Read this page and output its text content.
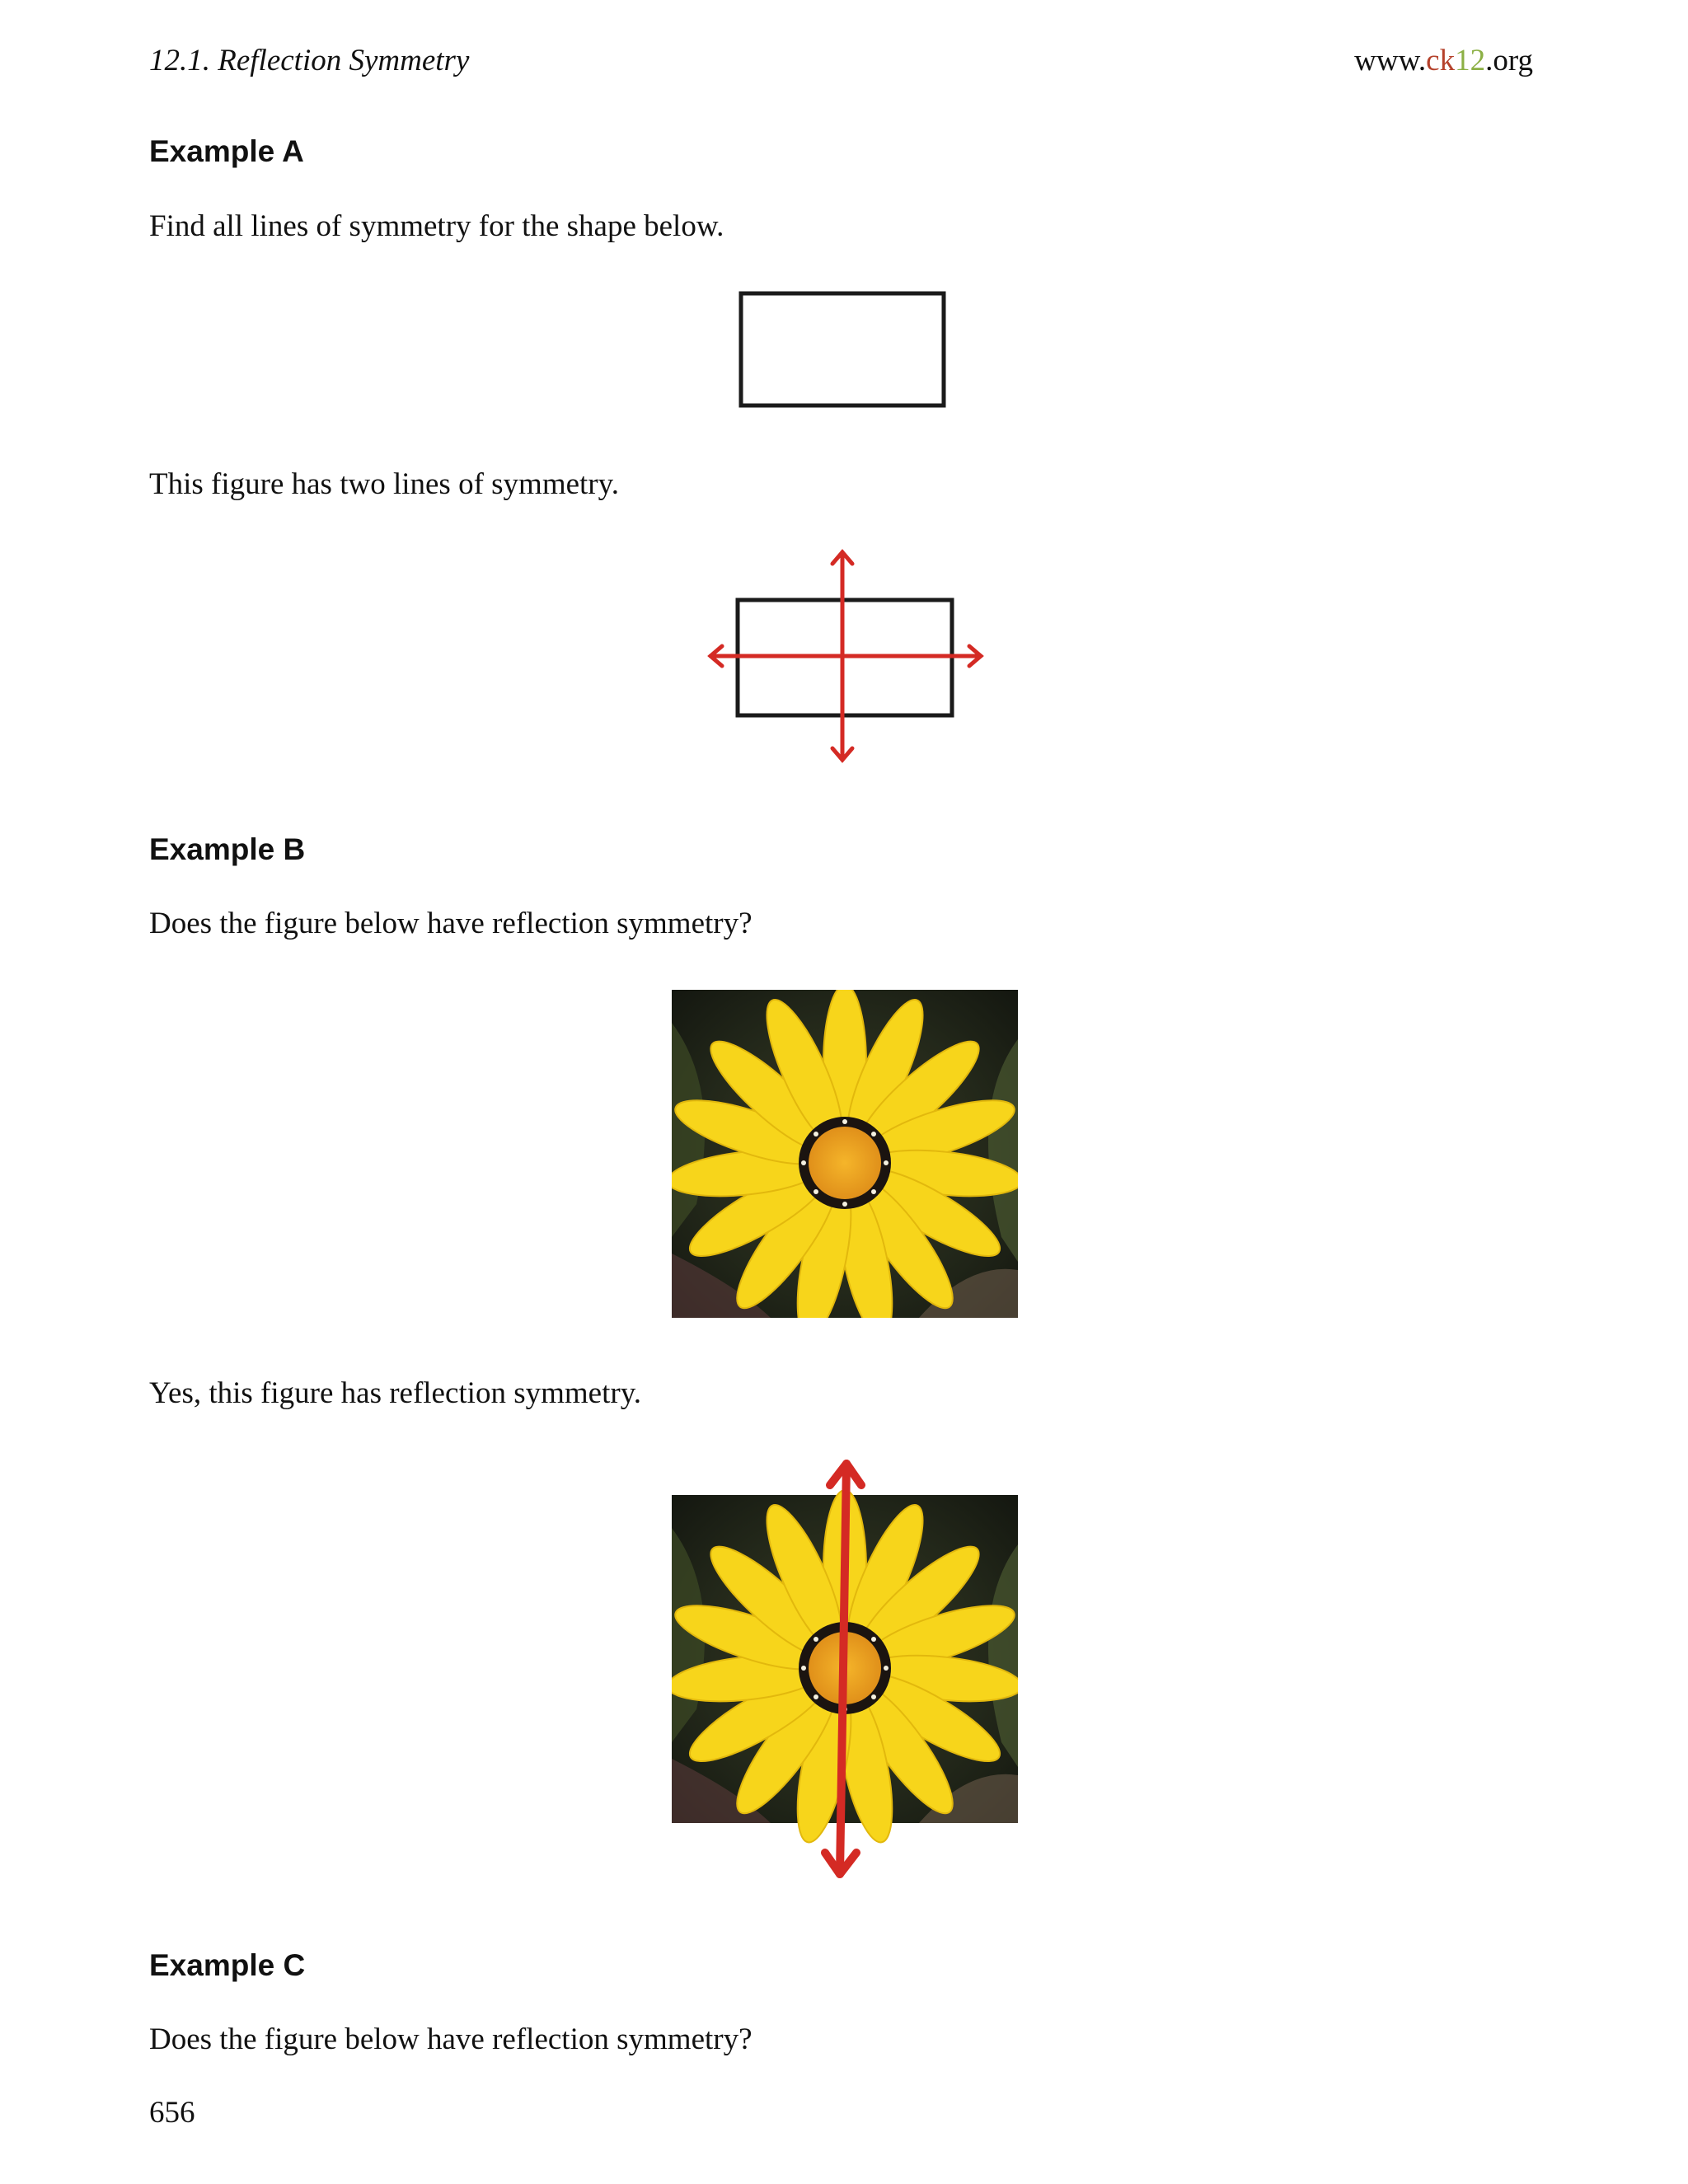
12.1. Reflection Symmetry	www.ck12.org
Example A
Find all lines of symmetry for the shape below.
This figure has two lines of symmetry.
Example B
Does the figure below have reflection symmetry?
Yes, this figure has reflection symmetry.
Example C
Does the figure below have reflection symmetry?
656
